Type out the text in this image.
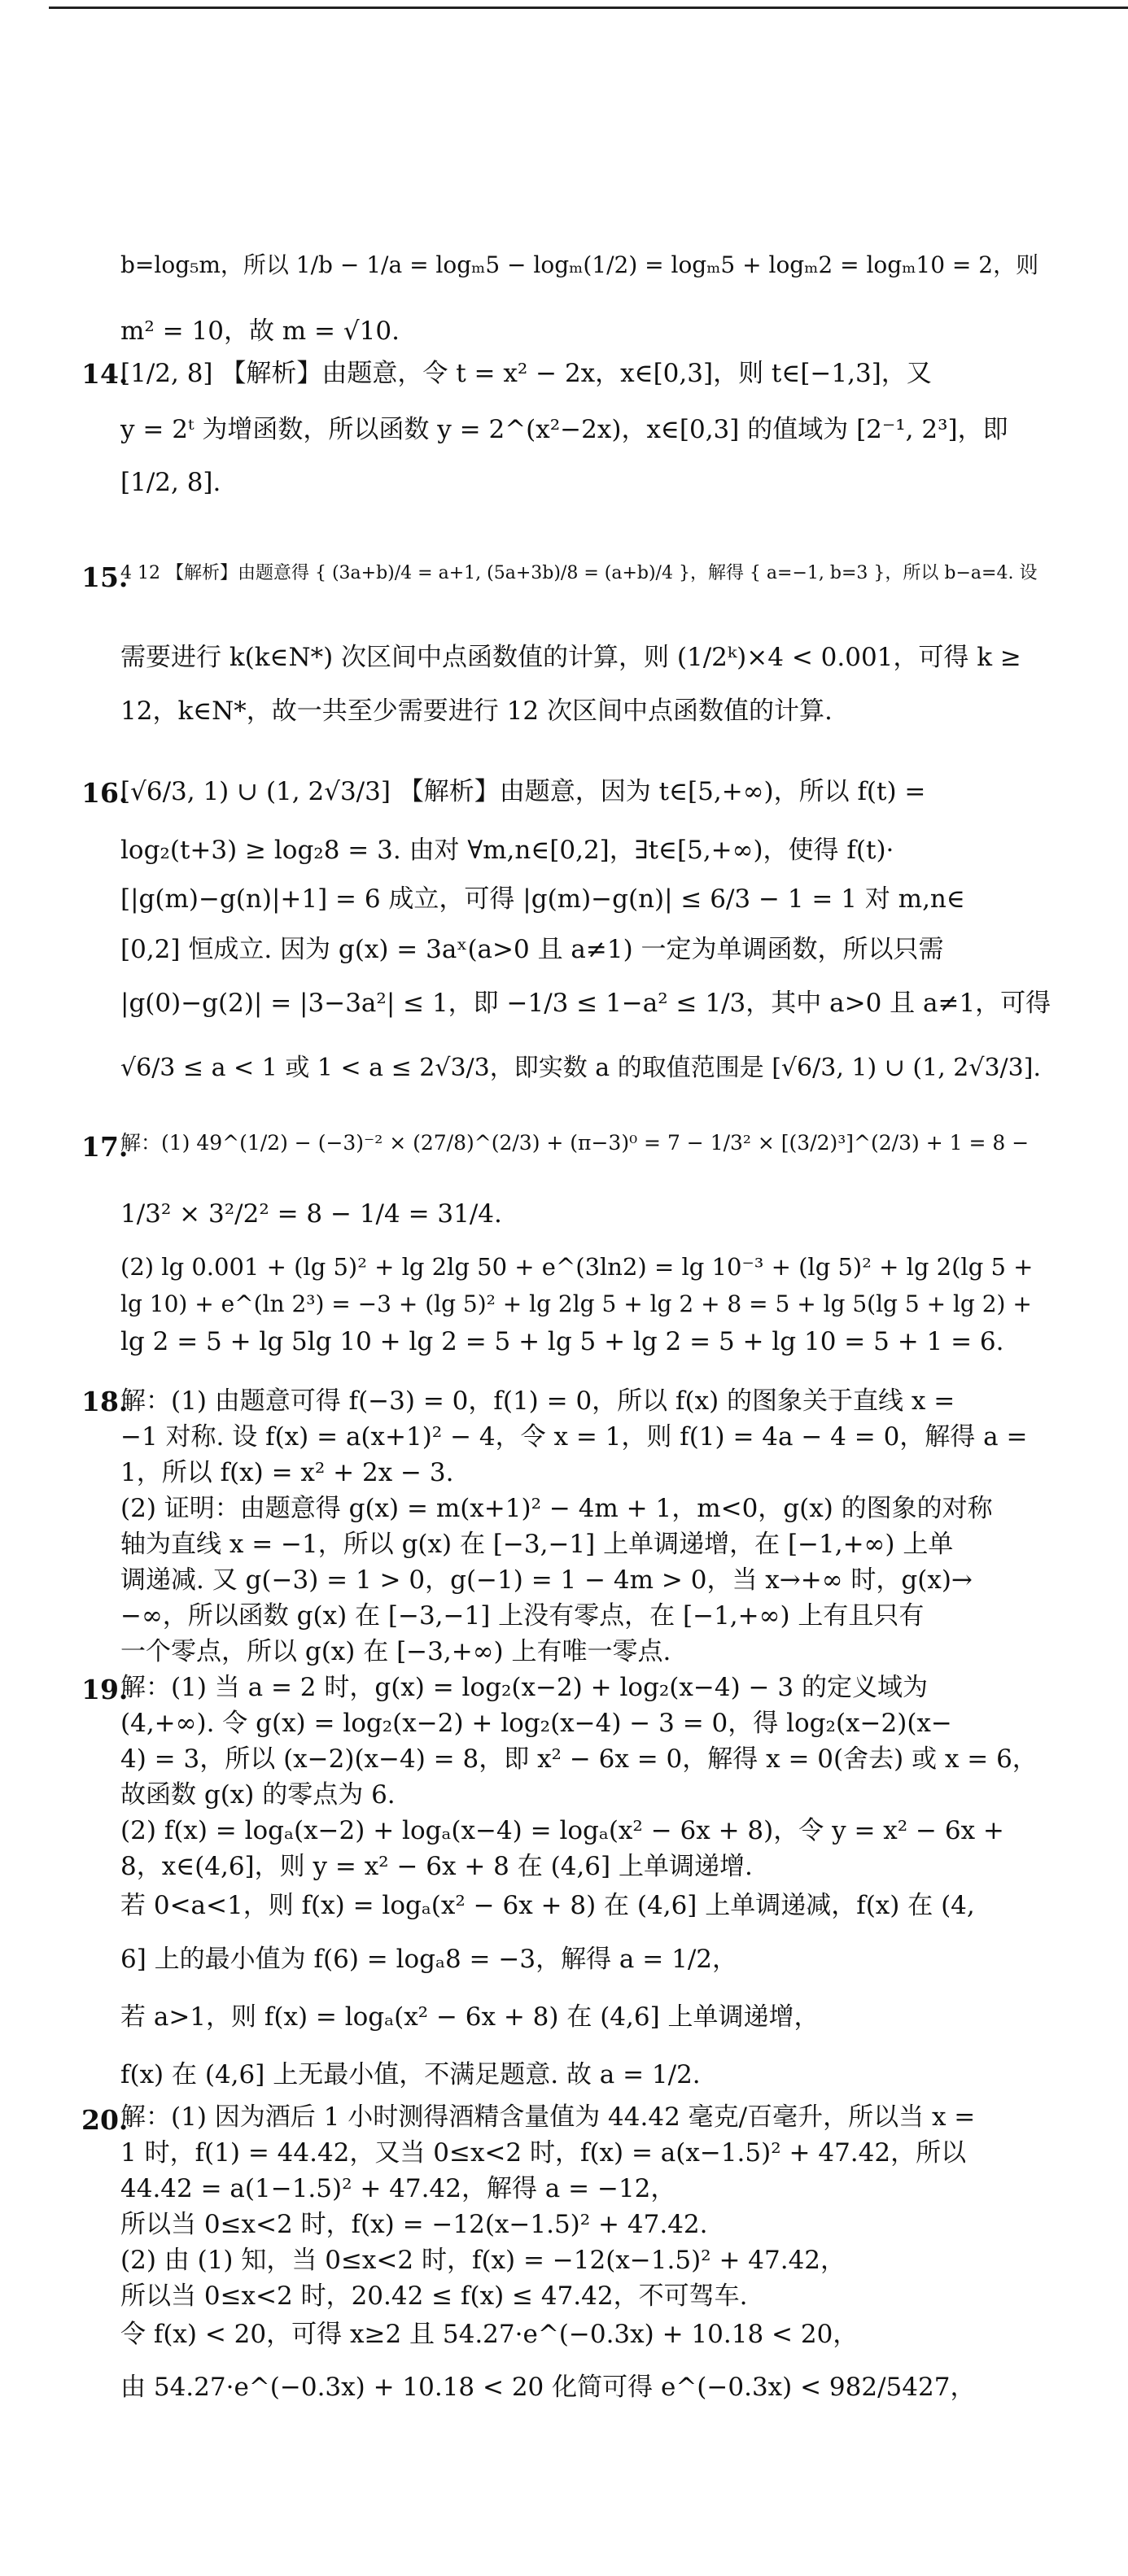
b=log₅m，所以 1/b − 1/a = logₘ5 − logₘ(1/2) = logₘ5 + logₘ2 = logₘ10 = 2，则
m² = 10，故 m = √10.
14.
[1/2, 8] 【解析】由题意，令 t = x² − 2x，x∈[0,3]，则 t∈[−1,3]，又
y = 2ᵗ 为增函数，所以函数 y = 2^(x²−2x)，x∈[0,3] 的值域为 [2⁻¹, 2³]，即
[1/2, 8].
15.
4 12 【解析】由题意得 { (3a+b)/4 = a+1, (5a+3b)/8 = (a+b)/4 }，解得 { a=−1, b=3 }，所以 b−a=4. 设
需要进行 k(k∈N*) 次区间中点函数值的计算，则 (1/2ᵏ)×4 < 0.001，可得 k ≥
12，k∈N*，故一共至少需要进行 12 次区间中点函数值的计算.
16.
[√6/3, 1) ∪ (1, 2√3/3] 【解析】由题意，因为 t∈[5,+∞)，所以 f(t) =
log₂(t+3) ≥ log₂8 = 3. 由对 ∀m,n∈[0,2]，∃t∈[5,+∞)，使得 f(t)·
[|g(m)−g(n)|+1] = 6 成立，可得 |g(m)−g(n)| ≤ 6/3 − 1 = 1 对 m,n∈
[0,2] 恒成立. 因为 g(x) = 3aˣ(a>0 且 a≠1) 一定为单调函数，所以只需
|g(0)−g(2)| = |3−3a²| ≤ 1，即 −1/3 ≤ 1−a² ≤ 1/3，其中 a>0 且 a≠1，可得
√6/3 ≤ a < 1 或 1 < a ≤ 2√3/3，即实数 a 的取值范围是 [√6/3, 1) ∪ (1, 2√3/3].
17.
解：(1) 49^(1/2) − (−3)⁻² × (27/8)^(2/3) + (π−3)⁰ = 7 − 1/3² × [(3/2)³]^(2/3) + 1 = 8 −
1/3² × 3²/2² = 8 − 1/4 = 31/4.
(2) lg 0.001 + (lg 5)² + lg 2lg 50 + e^(3ln2) = lg 10⁻³ + (lg 5)² + lg 2(lg 5 +
lg 10) + e^(ln 2³) = −3 + (lg 5)² + lg 2lg 5 + lg 2 + 8 = 5 + lg 5(lg 5 + lg 2) +
lg 2 = 5 + lg 5lg 10 + lg 2 = 5 + lg 5 + lg 2 = 5 + lg 10 = 5 + 1 = 6.
18.
解：(1) 由题意可得 f(−3) = 0，f(1) = 0，所以 f(x) 的图象关于直线 x =
−1 对称. 设 f(x) = a(x+1)² − 4，令 x = 1，则 f(1) = 4a − 4 = 0，解得 a =
1，所以 f(x) = x² + 2x − 3.
(2) 证明：由题意得 g(x) = m(x+1)² − 4m + 1，m<0，g(x) 的图象的对称
轴为直线 x = −1，所以 g(x) 在 [−3,−1] 上单调递增，在 [−1,+∞) 上单
调递减. 又 g(−3) = 1 > 0，g(−1) = 1 − 4m > 0，当 x→+∞ 时，g(x)→
−∞，所以函数 g(x) 在 [−3,−1] 上没有零点，在 [−1,+∞) 上有且只有
一个零点，所以 g(x) 在 [−3,+∞) 上有唯一零点.
19.
解：(1) 当 a = 2 时，g(x) = log₂(x−2) + log₂(x−4) − 3 的定义域为
(4,+∞). 令 g(x) = log₂(x−2) + log₂(x−4) − 3 = 0，得 log₂(x−2)(x−
4) = 3，所以 (x−2)(x−4) = 8，即 x² − 6x = 0，解得 x = 0(舍去) 或 x = 6，
故函数 g(x) 的零点为 6.
(2) f(x) = logₐ(x−2) + logₐ(x−4) = logₐ(x² − 6x + 8)，令 y = x² − 6x +
8，x∈(4,6]，则 y = x² − 6x + 8 在 (4,6] 上单调递增.
若 0<a<1，则 f(x) = logₐ(x² − 6x + 8) 在 (4,6] 上单调递减，f(x) 在 (4,
6] 上的最小值为 f(6) = logₐ8 = −3，解得 a = 1/2，
若 a>1，则 f(x) = logₐ(x² − 6x + 8) 在 (4,6] 上单调递增，
f(x) 在 (4,6] 上无最小值，不满足题意. 故 a = 1/2.
20.
解：(1) 因为酒后 1 小时测得酒精含量值为 44.42 毫克/百毫升，所以当 x =
1 时，f(1) = 44.42，又当 0≤x<2 时，f(x) = a(x−1.5)² + 47.42，所以
44.42 = a(1−1.5)² + 47.42，解得 a = −12，
所以当 0≤x<2 时，f(x) = −12(x−1.5)² + 47.42.
(2) 由 (1) 知，当 0≤x<2 时，f(x) = −12(x−1.5)² + 47.42，
所以当 0≤x<2 时，20.42 ≤ f(x) ≤ 47.42，不可驾车.
令 f(x) < 20，可得 x≥2 且 54.27·e^(−0.3x) + 10.18 < 20，
由 54.27·e^(−0.3x) + 10.18 < 20 化简可得 e^(−0.3x) < 982/5427，
